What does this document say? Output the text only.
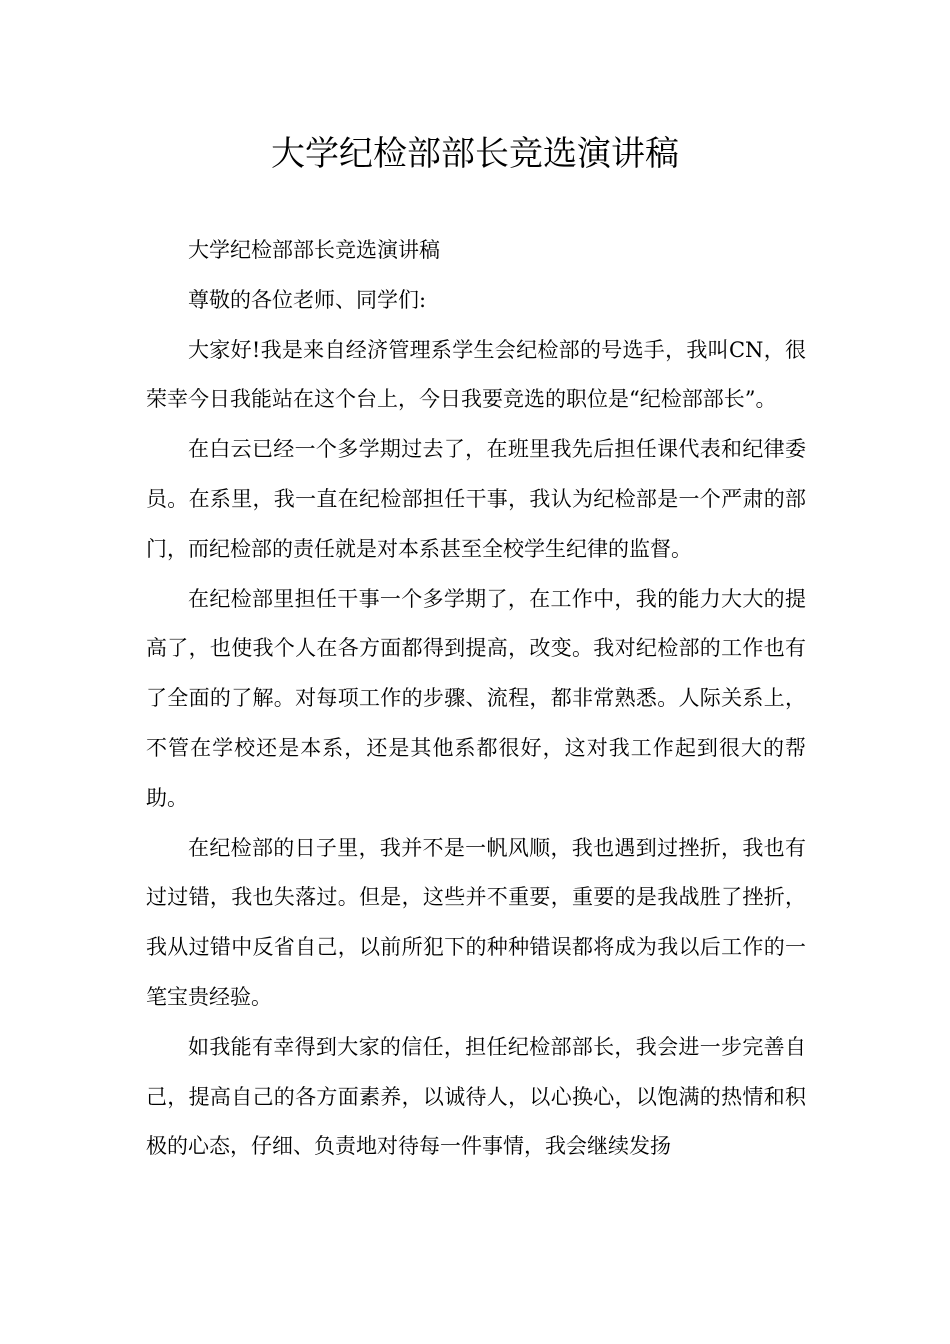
大学纪检部部长竞选演讲稿

大学纪检部部长竞选演讲稿

尊敬的各位老师、同学们:

大家好!我是来自经济管理系学生会纪检部的号选手，我叫CN，很荣幸今日我能站在这个台上，今日我要竞选的职位是“纪检部部长”。

在白云已经一个多学期过去了，在班里我先后担任课代表和纪律委员。在系里，我一直在纪检部担任干事，我认为纪检部是一个严肃的部门，而纪检部的责任就是对本系甚至全校学生纪律的监督。

在纪检部里担任干事一个多学期了，在工作中，我的能力大大的提高了，也使我个人在各方面都得到提高，改变。我对纪检部的工作也有了全面的了解。对每项工作的步骤、流程，都非常熟悉。人际关系上，不管在学校还是本系，还是其他系都很好，这对我工作起到很大的帮助。

在纪检部的日子里，我并不是一帆风顺，我也遇到过挫折，我也有过过错，我也失落过。但是，这些并不重要，重要的是我战胜了挫折，我从过错中反省自己，以前所犯下的种种错误都将成为我以后工作的一笔宝贵经验。

如我能有幸得到大家的信任，担任纪检部部长，我会进一步完善自己，提高自己的各方面素养，以诚待人，以心换心，以饱满的热情和积极的心态，仔细、负责地对待每一件事情，我会继续发扬
